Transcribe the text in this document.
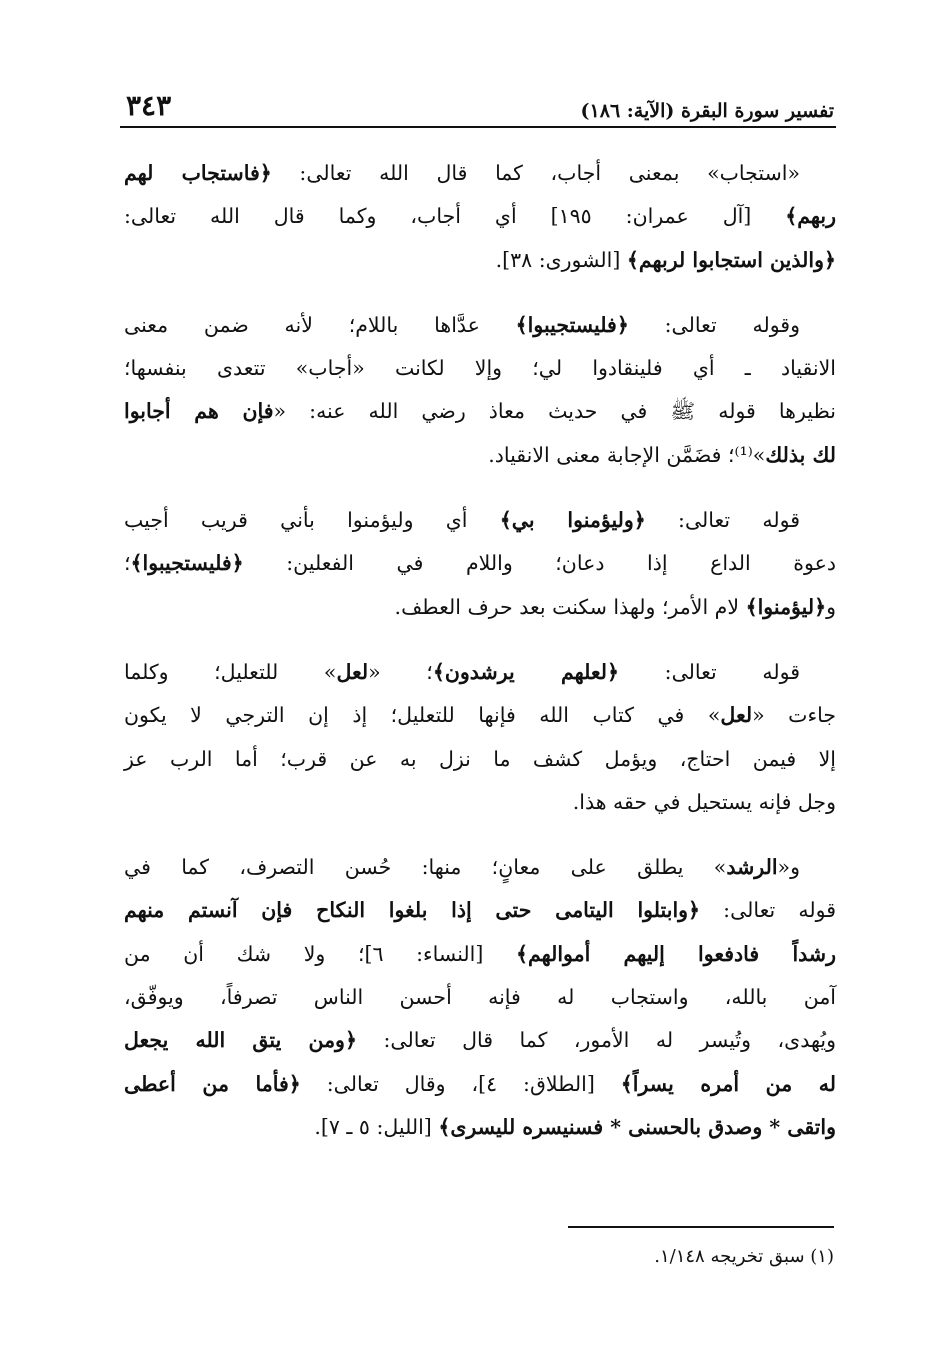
تفسير سورة البقرة (الآية: ١٨٦)
٣٤٣
«استجاب» بمعنى أجاب، كما قال الله تعالى: ﴿فاستجاب لهم
ربهم﴾ [آل عمران: ١٩٥] أي أجاب، وكما قال الله تعالى:
﴿والذين استجابوا لربهم﴾ [الشورى: ٣٨].
وقوله تعالى: ﴿فليستجيبوا﴾ عدَّاها باللام؛ لأنه ضمن معنى
الانقياد ـ أي فلينقادوا لي؛ وإلا لكانت «أجاب» تتعدى بنفسها؛
نظيرها قوله ﷺ في حديث معاذ رضي الله عنه: «فإن هم أجابوا
لك بذلك»⁽¹⁾؛ فضَمَّن الإجابة معنى الانقياد.
قوله تعالى: ﴿وليؤمنوا بي﴾ أي وليؤمنوا بأني قريب أجيب
دعوة الداع إذا دعان؛ واللام في الفعلين: ﴿فليستجيبوا﴾؛
و﴿ليؤمنوا﴾ لام الأمر؛ ولهذا سكنت بعد حرف العطف.
قوله تعالى: ﴿لعلهم يرشدون﴾؛ «لعل» للتعليل؛ وكلما
جاءت «لعل» في كتاب الله فإنها للتعليل؛ إذ إن الترجي لا يكون
إلا فيمن احتاج، ويؤمل كشف ما نزل به عن قرب؛ أما الرب عز
وجل فإنه يستحيل في حقه هذا.
و«الرشد» يطلق على معانٍ؛ منها: حُسن التصرف، كما في
قوله تعالى: ﴿وابتلوا اليتامى حتى إذا بلغوا النكاح فإن آنستم منهم
رشداً فادفعوا إليهم أموالهم﴾ [النساء: ٦]؛ ولا شك أن من
آمن بالله، واستجاب له فإنه أحسن الناس تصرفاً، ويوفّق،
ويُهدى، وتُيسر له الأمور، كما قال تعالى: ﴿ومن يتق الله يجعل
له من أمره يسراً﴾ [الطلاق: ٤]، وقال تعالى: ﴿فأما من أعطى
واتقى * وصدق بالحسنى * فسنيسره لليسرى﴾ [الليل: ٥ ـ ٧].
(١) سبق تخريجه ١/١٤٨.
